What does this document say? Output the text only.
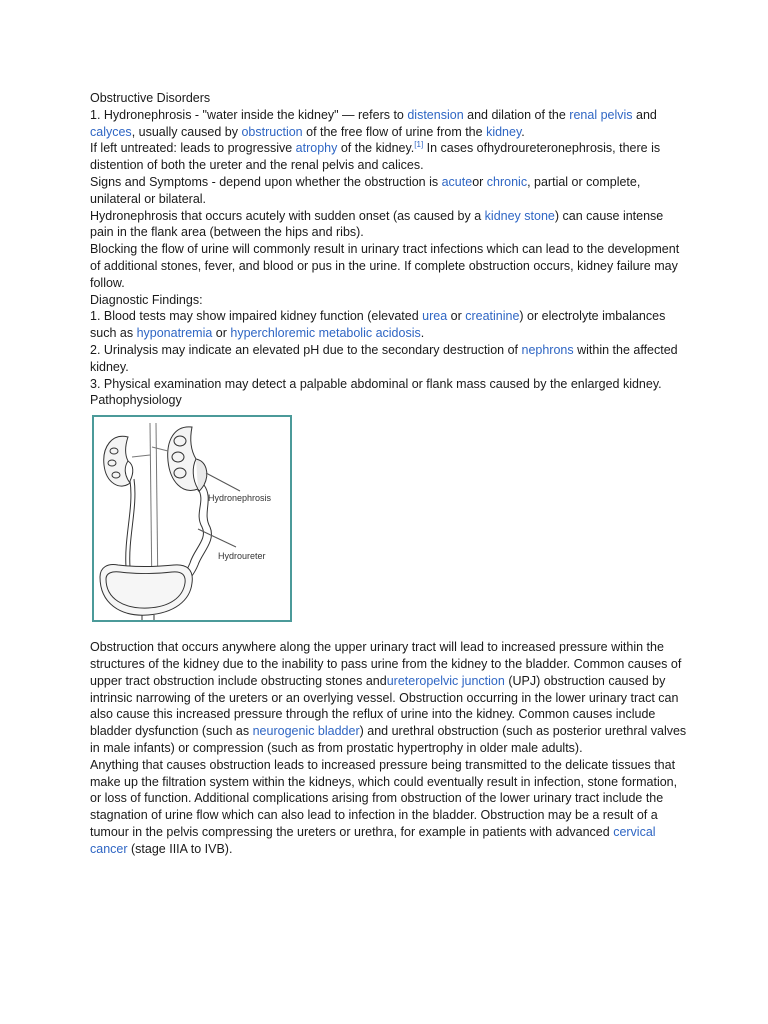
Obstructive Disorders

1. Hydronephrosis - "water inside the kidney" — refers to distension and dilation of the renal pelvis and calyces, usually caused by obstruction of the free flow of urine from the kidney.

If left untreated: leads to progressive atrophy of the kidney.[1] In cases ofhydroureteronephrosis, there is distention of both the ureter and the renal pelvis and calices.

Signs and Symptoms - depend upon whether the obstruction is acuteor chronic, partial or complete, unilateral or bilateral.

Hydronephrosis that occurs acutely with sudden onset (as caused by a kidney stone) can cause intense pain in the flank area (between the hips and ribs).

Blocking the flow of urine will commonly result in urinary tract infections which can lead to the development of additional stones, fever, and blood or pus in the urine. If complete obstruction occurs, kidney failure may follow.

Diagnostic Findings:

1. Blood tests may show impaired kidney function (elevated urea or creatinine) or electrolyte imbalances such as hyponatremia or hyperchloremic metabolic acidosis.

2. Urinalysis may indicate an elevated pH due to the secondary destruction of nephrons within the affected kidney.

3. Physical examination may detect a palpable abdominal or flank mass caused by the enlarged kidney.

Pathophysiology

Hydronephrosis
Hydroureter

Obstruction that occurs anywhere along the upper urinary tract will lead to increased pressure within the structures of the kidney due to the inability to pass urine from the kidney to the bladder. Common causes of upper tract obstruction include obstructing stones andureteropelvic junction (UPJ) obstruction caused by intrinsic narrowing of the ureters or an overlying vessel. Obstruction occurring in the lower urinary tract can also cause this increased pressure through the reflux of urine into the kidney. Common causes include bladder dysfunction (such as neurogenic bladder) and urethral obstruction (such as posterior urethral valves in male infants) or compression (such as from prostatic hypertrophy in older male adults).

Anything that causes obstruction leads to increased pressure being transmitted to the delicate tissues that make up the filtration system within the kidneys, which could eventually result in infection, stone formation, or loss of function. Additional complications arising from obstruction of the lower urinary tract include the stagnation of urine flow which can also lead to infection in the bladder. Obstruction may be a result of a tumour in the pelvis compressing the ureters or urethra, for example in patients with advanced cervical cancer (stage IIIA to IVB).
